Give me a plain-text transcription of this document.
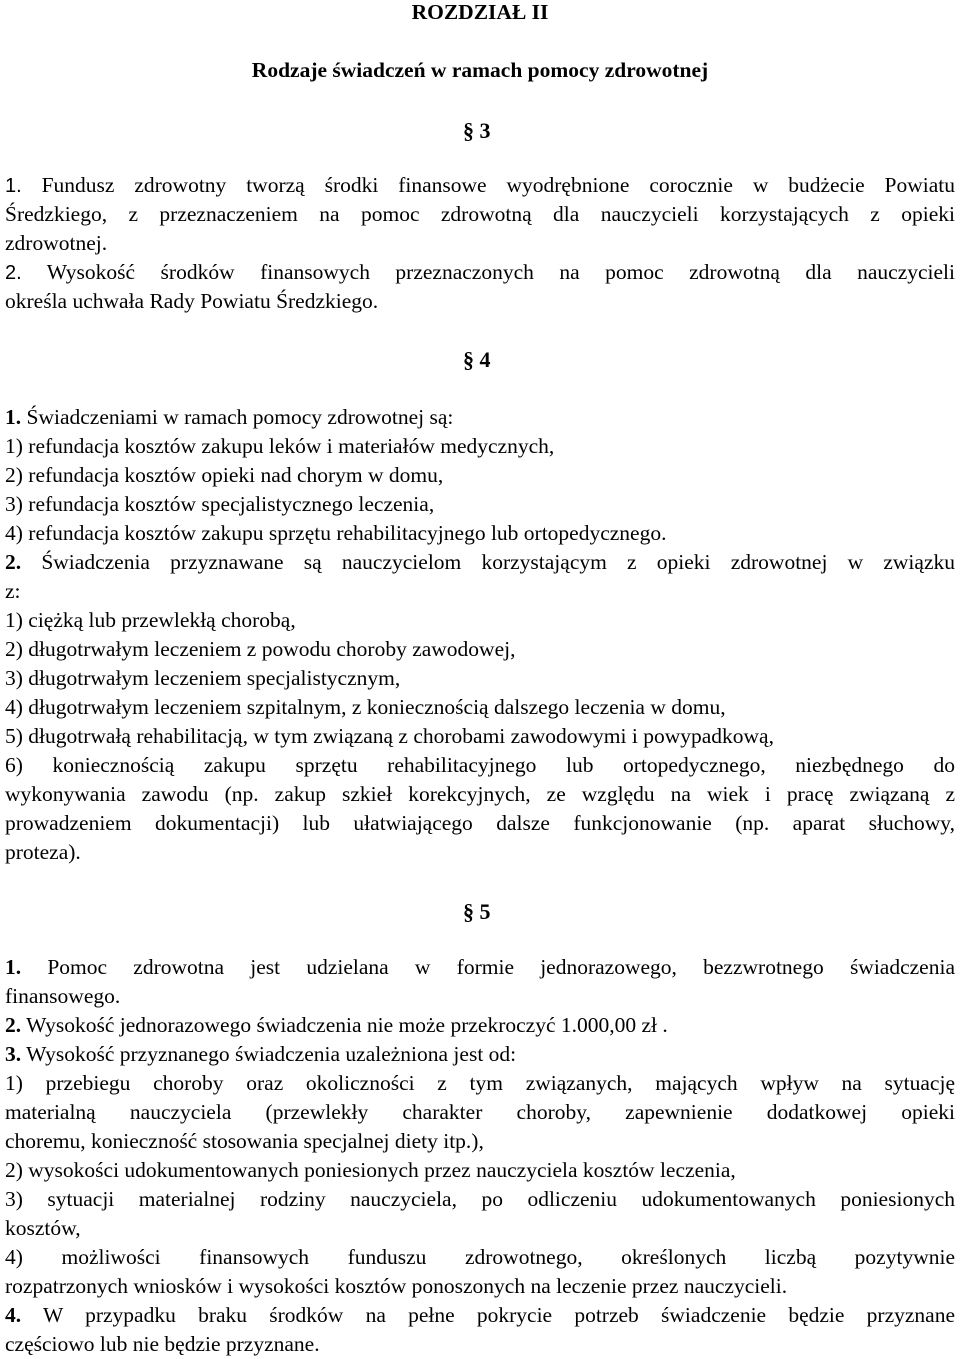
ROZDZIAŁ II
Rodzaje świadczeń w ramach pomocy zdrowotnej
§ 3
1. Fundusz zdrowotny tworzą środki finansowe wyodrębnione corocznie w budżecie Powiatu
Średzkiego, z przeznaczeniem na pomoc zdrowotną dla nauczycieli korzystających z opieki
zdrowotnej.
2. Wysokość środków finansowych przeznaczonych na pomoc zdrowotną dla nauczycieli
określa uchwała Rady Powiatu Średzkiego.
§ 4
1. Świadczeniami w ramach pomocy zdrowotnej są:
1) refundacja kosztów zakupu leków i materiałów medycznych,
2) refundacja kosztów opieki nad chorym w domu,
3) refundacja kosztów specjalistycznego leczenia,
4) refundacja kosztów zakupu sprzętu rehabilitacyjnego lub ortopedycznego.
2. Świadczenia przyznawane są nauczycielom korzystającym z opieki zdrowotnej w związku
z:
1) ciężką lub przewlekłą chorobą,
2) długotrwałym leczeniem z powodu choroby zawodowej,
3) długotrwałym leczeniem specjalistycznym,
4) długotrwałym leczeniem szpitalnym, z koniecznością dalszego leczenia w domu,
5) długotrwałą rehabilitacją, w tym związaną z chorobami zawodowymi i powypadkową,
6) koniecznością zakupu sprzętu rehabilitacyjnego lub ortopedycznego, niezbędnego do
wykonywania zawodu (np. zakup szkieł korekcyjnych, ze względu na wiek i pracę związaną z
prowadzeniem dokumentacji) lub ułatwiającego dalsze funkcjonowanie (np. aparat słuchowy,
proteza).
§ 5
1. Pomoc zdrowotna jest udzielana w formie jednorazowego, bezzwrotnego świadczenia
finansowego.
2. Wysokość jednorazowego świadczenia nie może przekroczyć 1.000,00 zł .
3. Wysokość przyznanego świadczenia uzależniona jest od:
1) przebiegu choroby oraz okoliczności z tym związanych, mających wpływ na sytuację
materialną nauczyciela (przewlekły charakter choroby, zapewnienie dodatkowej opieki
choremu, konieczność stosowania specjalnej diety itp.),
2) wysokości udokumentowanych poniesionych przez nauczyciela kosztów leczenia,
3) sytuacji materialnej rodziny nauczyciela, po odliczeniu udokumentowanych poniesionych
kosztów,
4) możliwości finansowych funduszu zdrowotnego, określonych liczbą pozytywnie
rozpatrzonych wniosków i wysokości kosztów ponoszonych na leczenie przez nauczycieli.
4. W przypadku braku środków na pełne pokrycie potrzeb świadczenie będzie przyznane
częściowo lub nie będzie przyznane.
